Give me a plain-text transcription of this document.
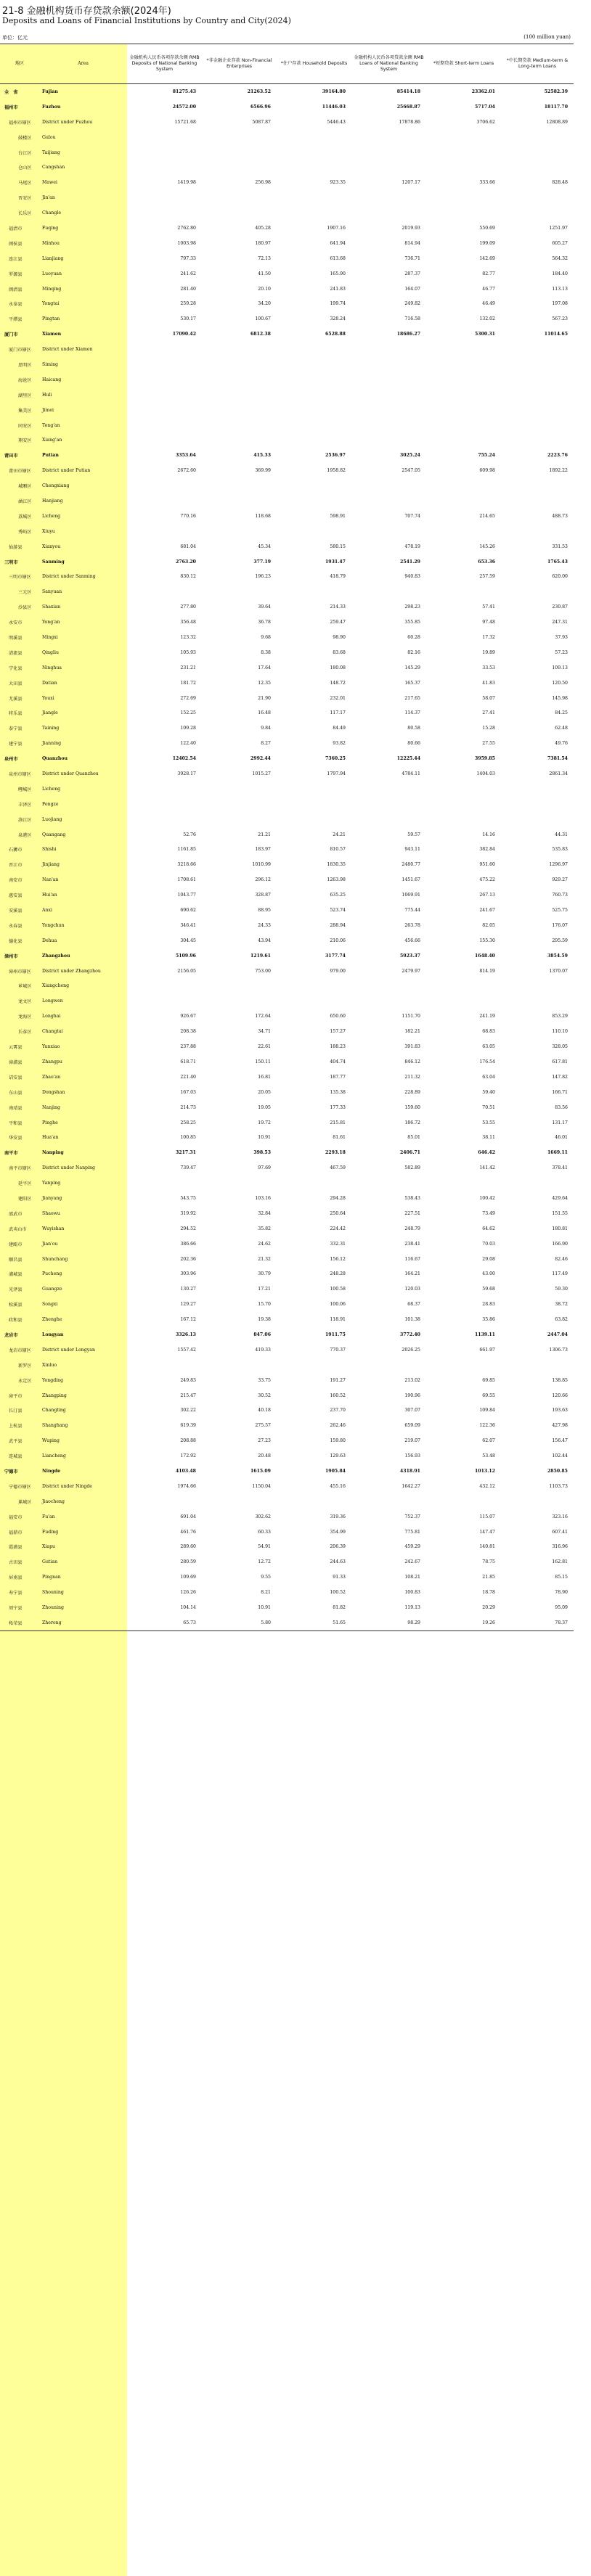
21-8 金融机构货币存贷款余额(2024年)
Deposits and Loans of Financial Institutions by Country and City(2024)
单位：亿元	(100 million yuan)
地区	Area	金融机构人民币各项存款余额 RMB Deposits of National Banking System	*非金融企业存款 Non-Financial Enterprises	*住户存款 Household Deposits	金融机构人民币各项贷款余额 RMB Loans of National Banking System	*短期贷款 Short-term Loans	*中长期贷款 Medium-term & Long-term Loans
全　省	Fujian	81275.43	21263.52	39164.80	85414.18	23362.01	52582.39
福州市	Fuzhou	24572.00	6566.96	11446.03	25668.87	5717.04	18117.70
福州市辖区	District under Fuzhou	15721.68	5087.87	5446.43	17878.86	3706.62	12808.89
鼓楼区	Gulou						
台江区	Taijiang						
仓山区	Cangshan						
马尾区	Mawei	1419.98	256.98	923.35	1207.17	333.66	828.48
晋安区	Jin'an						
长乐区	Changle						
福清市	Fuqing	2762.80	405.28	1907.16	2019.93	550.69	1251.97
闽侯县	Minhou	1003.98	180.97	641.94	814.94	199.09	605.27
连江县	Lianjiang	797.33	72.13	613.68	736.71	142.69	564.32
罗源县	Luoyuan	241.62	41.50	165.90	287.37	82.77	184.40
闽清县	Minqing	281.40	20.10	241.83	164.07	46.77	113.13
永泰县	Yongtai	259.28	34.20	199.74	249.82	46.49	197.08
平潭县	Pingtan	530.17	100.67	328.24	716.58	132.02	567.23
厦门市	Xiamen	17090.42	6812.38	6528.88	18686.27	5300.31	11014.65
厦门市辖区	District under Xiamen						
思明区	Siming						
海沧区	Haicang						
湖里区	Huli						
集美区	Jimei						
同安区	Tong'an						
翔安区	Xiang'an						
莆田市	Putian	3353.64	415.33	2536.97	3025.24	755.24	2223.76
莆田市辖区	District under Putian	2672.60	369.99	1958.82	2547.05	609.98	1892.22
城厢区	Chengxiang						
涵江区	Hanjiang						
荔城区	Licheng	770.16	118.68	598.91	707.74	214.65	488.73
秀屿区	Xiuyu						
仙游县	Xianyou	681.04	45.34	580.15	478.19	145.26	331.53
三明市	Sanming	2763.20	377.19	1931.47	2541.29	653.36	1765.43
三明市辖区	District under Sanming	830.12	196.23	418.79	940.83	257.59	620.00
三元区	Sanyuan						
沙县区	Shaxian	277.80	39.64	214.33	298.23	57.41	230.87
永安市	Yong'an	356.48	36.78	259.47	355.85	97.48	247.31
明溪县	Mingxi	123.32	9.68	98.90	60.28	17.32	37.93
清流县	Qingliu	105.93	8.38	83.68	82.16	19.89	57.23
宁化县	Ninghua	231.21	17.64	180.08	145.29	33.53	109.13
大田县	Datian	181.72	12.35	148.72	165.37	41.83	120.50
尤溪县	Youxi	272.69	21.90	232.01	217.65	58.07	145.98
将乐县	Jiangle	152.25	16.48	117.17	114.37	27.41	84.25
泰宁县	Taining	109.28	9.84	84.49	80.58	15.28	62.48
建宁县	Jianning	122.40	8.27	93.82	80.66	27.55	49.76
泉州市	Quanzhou	12402.54	2992.44	7360.25	12225.44	3959.85	7381.54
泉州市辖区	District under Quanzhou	3928.17	1015.27	1797.94	4784.11	1404.03	2861.34
鲤城区	Licheng						
丰泽区	Fengze						
洛江区	Luojiang						
泉港区	Quangang	52.76	21.21	24.21	59.57	14.16	44.31
石狮市	Shishi	1161.85	183.97	810.57	943.11	382.84	535.83
晋江市	Jinjiang	3218.66	1010.99	1830.35	2480.77	951.60	1296.97
南安市	Nan'an	1708.61	296.12	1263.98	1451.67	475.22	929.27
惠安县	Hui'an	1043.77	328.87	635.25	1069.91	267.13	760.73
安溪县	Anxi	690.62	88.95	523.74	775.44	241.67	525.75
永春县	Yongchun	346.41	24.33	288.94	263.78	82.05	176.07
德化县	Dehua	304.45	43.94	210.06	456.66	155.30	295.59
漳州市	Zhangzhou	5109.96	1219.61	3177.74	5923.37	1648.40	3854.59
漳州市辖区	District under Zhangzhou	2156.05	753.00	979.00	2479.97	814.19	1370.07
芗城区	Xiangcheng						
龙文区	Longwen						
龙海区	Longhai	926.67	172.64	650.60	1151.70	241.19	853.29
长泰区	Changtai	208.38	34.71	157.27	182.21	68.83	110.10
云霄县	Yunxiao	237.88	22.61	188.23	391.83	63.05	328.05
漳浦县	Zhangpu	618.71	150.11	404.74	846.12	176.54	617.81
诏安县	Zhao'an	221.40	16.81	187.77	211.32	63.04	147.82
东山县	Dongshan	167.03	20.05	135.38	228.89	59.40	166.71
南靖县	Nanjing	214.73	19.05	177.33	159.60	70.51	83.56
平和县	Pinghe	258.25	19.72	215.81	186.72	53.55	131.17
华安县	Hua'an	100.85	10.91	81.61	85.01	38.11	46.01
南平市	Nanping	3217.31	398.53	2293.18	2406.71	646.42	1669.11
南平市辖区	District under Nanping	739.47	97.69	467.59	582.89	141.42	378.41
延平区	Yanping						
建阳区	Jianyang	543.75	103.16	294.28	538.43	100.42	429.64
邵武市	Shaowu	319.92	32.84	250.64	227.51	73.49	151.55
武夷山市	Wuyishan	294.52	35.82	224.42	248.79	64.62	180.81
建瓯市	Jian'ou	386.66	24.62	332.31	238.41	70.03	166.90
顺昌县	Shunchang	202.36	21.32	156.12	116.67	29.08	82.46
浦城县	Pucheng	303.96	30.79	248.28	164.21	43.00	117.49
光泽县	Guangze	130.27	17.21	100.58	120.03	59.68	59.30
松溪县	Songxi	129.27	15.70	100.06	68.37	28.83	38.72
政和县	Zhenghe	167.12	19.38	118.91	101.38	35.86	63.82
龙岩市	Longyan	3326.13	847.06	1911.75	3772.40	1139.11	2447.04
龙岩市辖区	District under Longyan	1557.42	419.33	770.37	2026.25	661.97	1306.73
新罗区	Xinluo						
永定区	Yongding	249.83	33.75	191.27	213.02	69.85	138.85
漳平市	Zhangping	215.47	30.52	160.52	190.96	69.55	120.66
长汀县	Changting	302.22	40.18	237.70	307.07	109.84	193.63
上杭县	Shanghang	619.39	275.57	262.46	659.09	122.36	427.98
武平县	Wuping	208.88	27.23	159.80	219.07	62.07	156.47
连城县	Liancheng	172.92	20.48	129.63	156.93	53.48	102.44
宁德市	Ningde	4103.48	1615.09	1905.84	4318.91	1013.12	2850.85
宁德市辖区	District under Ningde	1974.66	1150.04	455.16	1642.27	432.12	1103.73
蕉城区	Jiaocheng						
福安市	Fu'an	691.04	302.62	319.36	752.37	115.07	323.16
福鼎市	Fuding	461.76	60.33	354.99	775.81	147.47	607.41
霞浦县	Xiapu	289.60	54.91	206.39	459.29	140.81	316.96
古田县	Gutian	280.59	12.72	244.63	242.67	78.75	162.81
屏南县	Pingnan	109.69	9.55	91.33	108.21	21.85	85.15
寿宁县	Shouning	126.26	8.21	100.52	100.83	18.78	78.90
周宁县	Zhouning	104.14	10.91	81.82	119.13	20.29	95.09
柘荣县	Zherong	65.73	5.80	51.65	98.29	19.26	78.37
